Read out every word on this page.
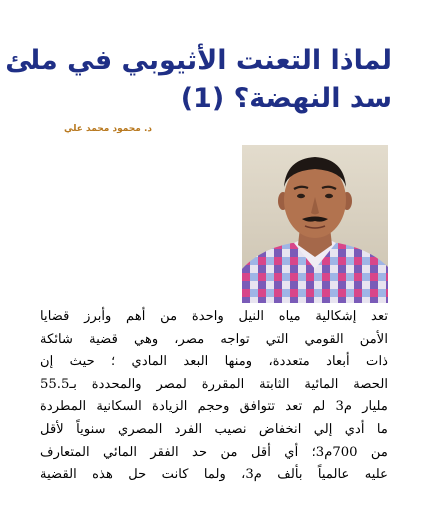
لماذا التعنت الأثيوبي في ملئ
سد النهضة؟ (1)
د. محمود محمد علي
تعد إشكالية مياه النيل واحدة من أهم وأبرز قضايا
الأمن القومي التي تواجه مصر، وهي قضية شائكة
ذات أبعاد متعددة، ومنها البعد المادي ؛ حيث إن
الحصة المائية الثابتة المقررة لمصر والمحددة بـ55.5
مليار م3 لم تعد تتوافق وحجم الزيادة السكانية المطردة
ما أدي إلي انخفاض نصيب الفرد المصري سنوياً لأقل
من 700م3؛ أي أقل من حد الفقر المائي المتعارف
عليه عالمياً بألف م3، ولما كانت حل هذه القضية
